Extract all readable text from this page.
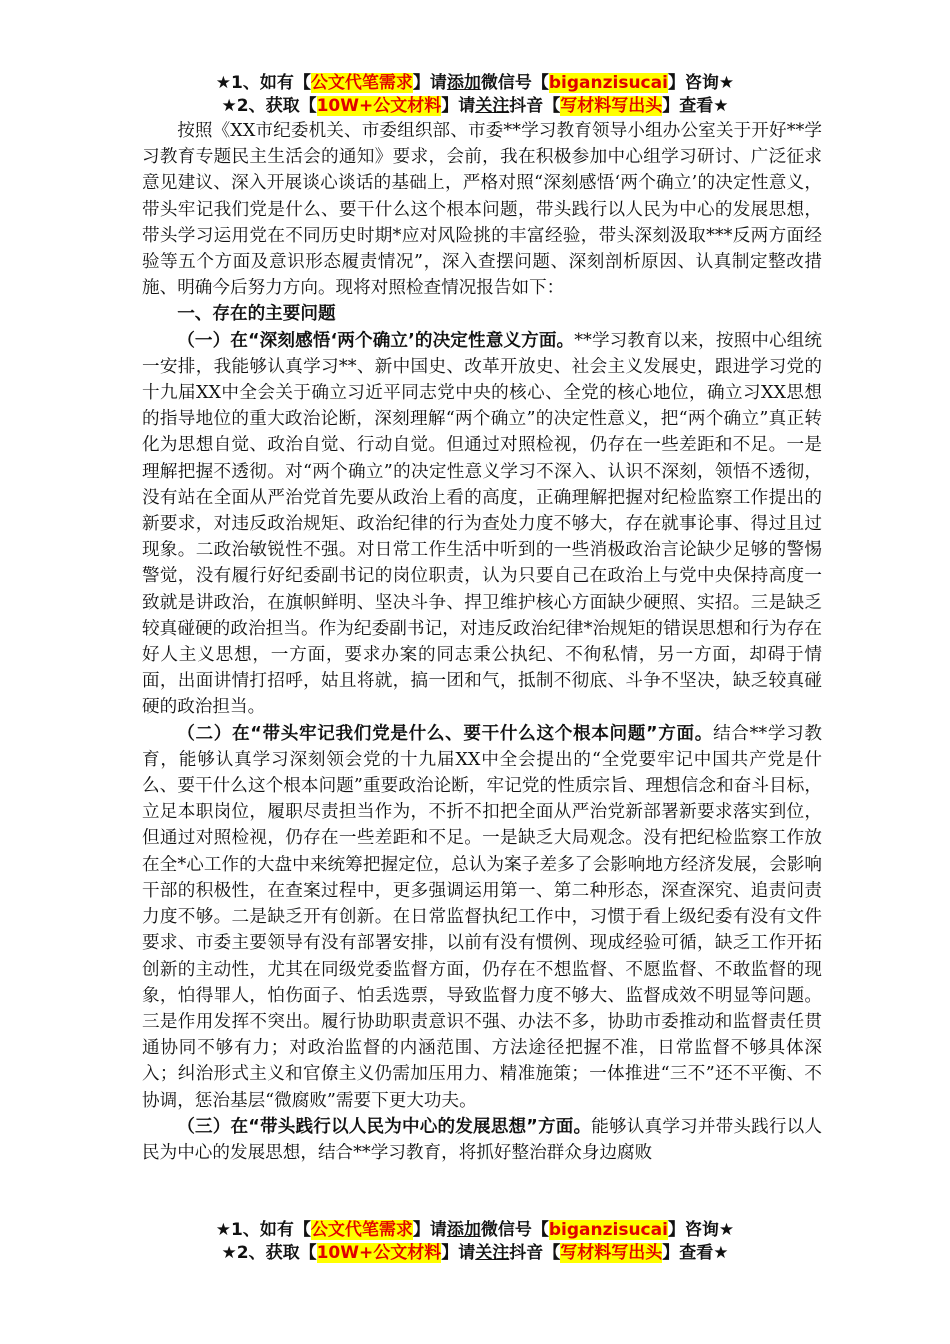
★1、如有【公文代笔需求】请添加微信号【biganzisucai】咨询★
★2、获取【10W+公文材料】请关注抖音【写材料写出头】查看★

按照《XX市纪委机关、市委组织部、市委**学习教育领导小组办公室关于开好**学习教育专题民主生活会的通知》要求，会前，我在积极参加中心组学习研讨、广泛征求意见建议、深入开展谈心谈话的基础上，严格对照“深刻感悟‘两个确立’的决定性意义，带头牢记我们党是什么、要干什么这个根本问题，带头践行以人民为中心的发展思想，带头学习运用党在不同历史时期*应对风险挑的丰富经验，带头深刻汲取***反两方面经验等五个方面及意识形态履责情况”，深入查摆问题、深刻剖析原因、认真制定整改措施、明确今后努力方向。现将对照检查情况报告如下：

一、存在的主要问题

（一）在“深刻感悟‘两个确立’的决定性意义方面。**学习教育以来，按照中心组统一安排，我能够认真学习**、新中国史、改革开放史、社会主义发展史，跟进学习党的十九届XX中全会关于确立习近平同志党中央的核心、全党的核心地位，确立习XX思想的指导地位的重大政治论断，深刻理解“两个确立”的决定性意义，把“两个确立”真正转化为思想自觉、政治自觉、行动自觉。但通过对照检视，仍存在一些差距和不足。一是理解把握不透彻。对“两个确立”的决定性意义学习不深入、认识不深刻，领悟不透彻，没有站在全面从严治党首先要从政治上看的高度，正确理解把握对纪检监察工作提出的新要求，对违反政治规矩、政治纪律的行为查处力度不够大，存在就事论事、得过且过现象。二政治敏锐性不强。对日常工作生活中听到的一些消极政治言论缺少足够的警惕警觉，没有履行好纪委副书记的岗位职责，认为只要自己在政治上与党中央保持高度一致就是讲政治，在旗帜鲜明、坚决斗争、捍卫维护核心方面缺少硬照、实招。三是缺乏较真碰硬的政治担当。作为纪委副书记，对违反政治纪律*治规矩的错误思想和行为存在好人主义思想，一方面，要求办案的同志秉公执纪、不徇私情，另一方面，却碍于情面，出面讲情打招呼，姑且将就，搞一团和气，抵制不彻底、斗争不坚决，缺乏较真碰硬的政治担当。

（二）在“带头牢记我们党是什么、要干什么这个根本问题”方面。结合**学习教育，能够认真学习深刻领会党的十九届XX中全会提出的“全党要牢记中国共产党是什么、要干什么这个根本问题”重要政治论断，牢记党的性质宗旨、理想信念和奋斗目标，立足本职岗位，履职尽责担当作为，不折不扣把全面从严治党新部署新要求落实到位，但通过对照检视，仍存在一些差距和不足。一是缺乏大局观念。没有把纪检监察工作放在全*心工作的大盘中来统筹把握定位，总认为案子差多了会影响地方经济发展，会影响干部的积极性，在查案过程中，更多强调运用第一、第二种形态，深查深究、追责问责力度不够。二是缺乏开有创新。在日常监督执纪工作中，习惯于看上级纪委有没有文件要求、市委主要领导有没有部署安排，以前有没有惯例、现成经验可循，缺乏工作开拓创新的主动性，尤其在同级党委监督方面，仍存在不想监督、不愿监督、不敢监督的现象，怕得罪人，怕伤面子、怕丢选票，导致监督力度不够大、监督成效不明显等问题。三是作用发挥不突出。履行协助职责意识不强、办法不多，协助市委推动和监督责任贯通协同不够有力；对政治监督的内涵范围、方法途径把握不准，日常监督不够具体深入；纠治形式主义和官僚主义仍需加压用力、精准施策；一体推进“三不”还不平衡、不协调，惩治基层“微腐败”需要下更大功夫。

（三）在“带头践行以人民为中心的发展思想”方面。能够认真学习并带头践行以人民为中心的发展思想，结合**学习教育，将抓好整治群众身边腐败

★1、如有【公文代笔需求】请添加微信号【biganzisucai】咨询★
★2、获取【10W+公文材料】请关注抖音【写材料写出头】查看★
